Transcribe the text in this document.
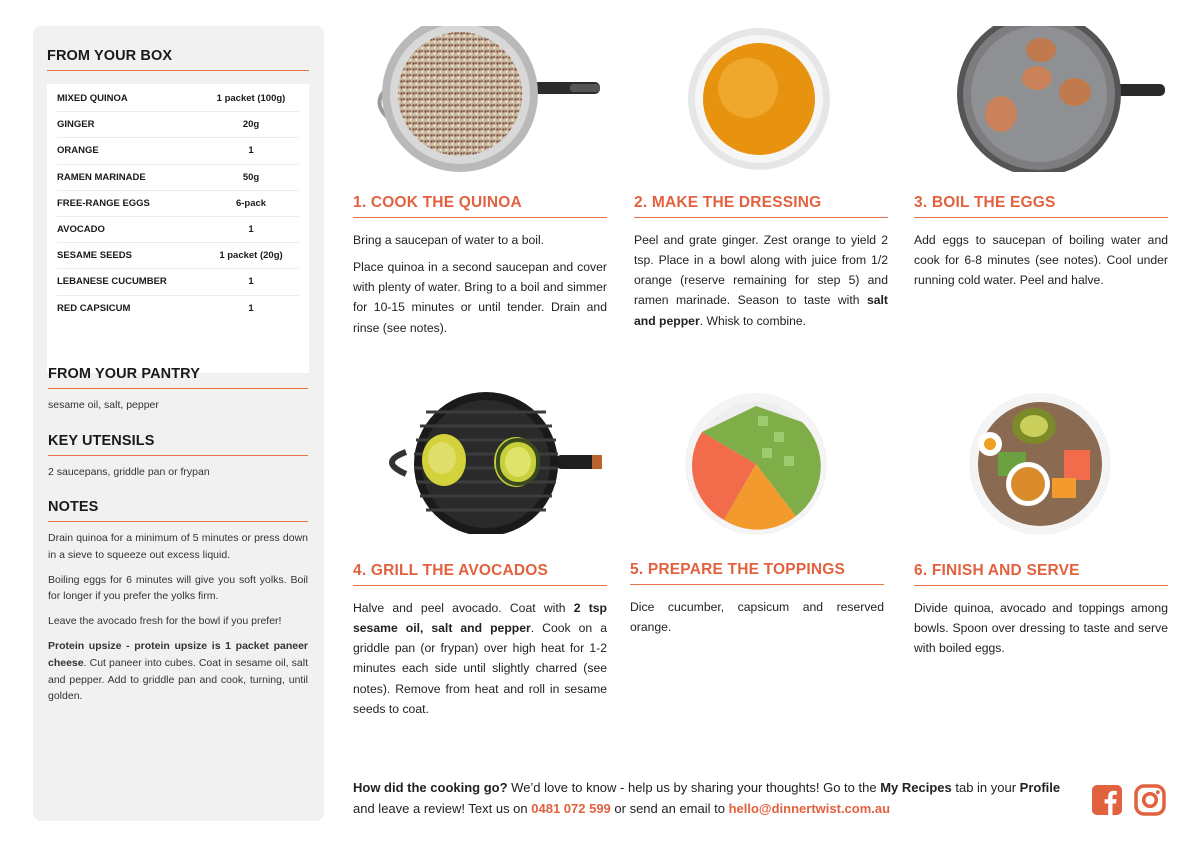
FROM YOUR BOX
MIXED QUINOA	1 packet (100g)
GINGER	20g
ORANGE	1
RAMEN MARINADE	50g
FREE-RANGE EGGS	6-pack
AVOCADO	1
SESAME SEEDS	1 packet (20g)
LEBANESE CUCUMBER	1
RED CAPSICUM	1
FROM YOUR PANTRY
sesame oil, salt, pepper
KEY UTENSILS
2 saucepans, griddle pan or frypan
NOTES

Drain quinoa for a minimum of 5 minutes or press down in a sieve to squeeze out excess liquid.

Boiling eggs for 6 minutes will give you soft yolks. Boil for longer if you prefer the yolks firm.

Leave the avocado fresh for the bowl if you prefer!

Protein upsize - protein upsize is 1 packet paneer cheese. Cut paneer into cubes. Coat in sesame oil, salt and pepper. Add to griddle pan and cook, turning, until golden.

1. COOK THE QUINOA

Bring a saucepan of water to a boil.

Place quinoa in a second saucepan and cover with plenty of water. Bring to a boil and simmer for 10-15 minutes or until tender. Drain and rinse (see notes).

2. MAKE THE DRESSING

Peel and grate ginger. Zest orange to yield 2 tsp. Place in a bowl along with juice from 1/2 orange (reserve remaining for step 5) and ramen marinade. Season to taste with salt and pepper. Whisk to combine.

3. BOIL THE EGGS

Add eggs to saucepan of boiling water and cook for 6-8 minutes (see notes). Cool under running cold water. Peel and halve.

4. GRILL THE AVOCADOS

Halve and peel avocado. Coat with 2 tsp sesame oil, salt and pepper. Cook on a griddle pan (or frypan) over high heat for 1-2 minutes each side until slightly charred (see notes). Remove from heat and roll in sesame seeds to coat.

5. PREPARE THE TOPPINGS

Dice cucumber, capsicum and reserved orange.

6. FINISH AND SERVE

Divide quinoa, avocado and toppings among bowls. Spoon over dressing to taste and serve with boiled eggs.

How did the cooking go? We’d love to know - help us by sharing your thoughts! Go to the My Recipes tab in your Profile and leave a review! Text us on 0481 072 599 or send an email to hello@dinnertwist.com.au
